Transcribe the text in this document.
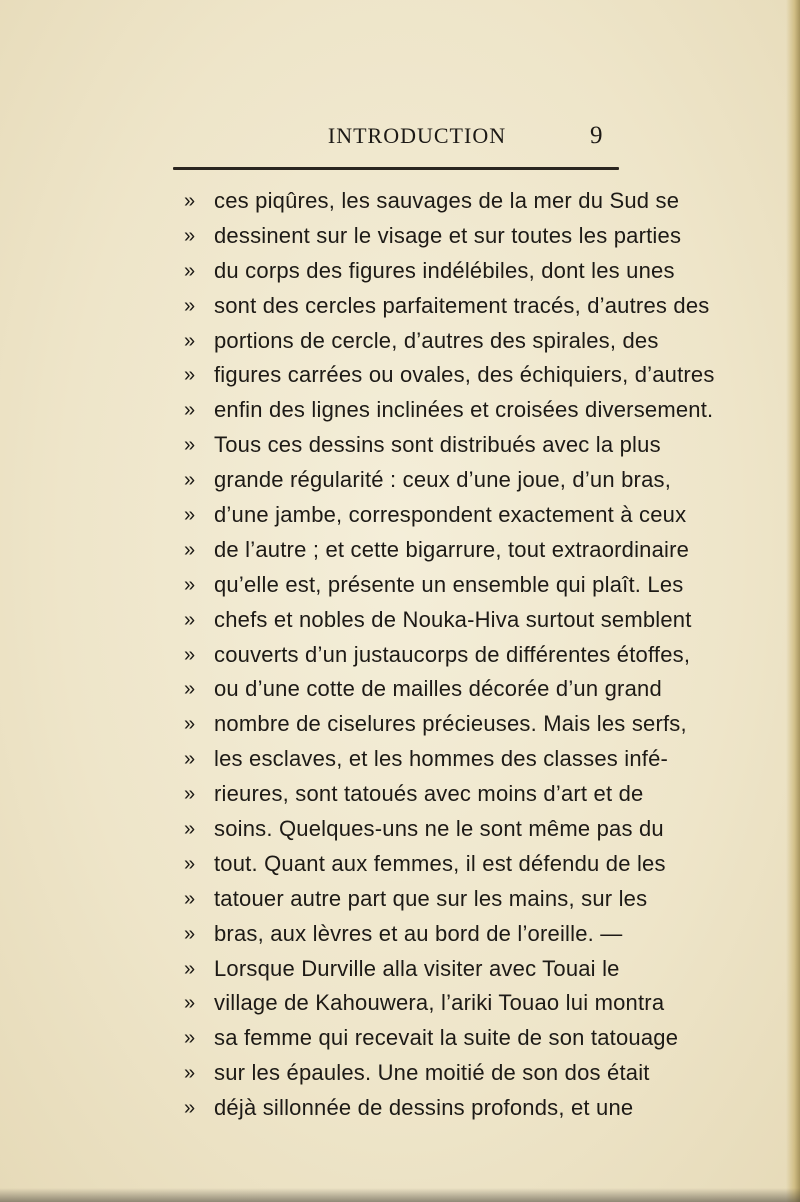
INTRODUCTION	9
» ces piqûres, les sauvages de la mer du Sud se
» dessinent sur le visage et sur toutes les parties
» du corps des figures indélébiles, dont les unes
» sont des cercles parfaitement tracés, d’autres des
» portions de cercle, d’autres des spirales, des
» figures carrées ou ovales, des échiquiers, d’autres
» enfin des lignes inclinées et croisées diversement.
» Tous ces dessins sont distribués avec la plus
» grande régularité : ceux d’une joue, d’un bras,
» d’une jambe, correspondent exactement à ceux
» de l’autre ; et cette bigarrure, tout extraordinaire
» qu’elle est, présente un ensemble qui plaît. Les
» chefs et nobles de Nouka-Hiva surtout semblent
» couverts d’un justaucorps de différentes étoffes,
» ou d’une cotte de mailles décorée d’un grand
» nombre de ciselures précieuses. Mais les serfs,
» les esclaves, et les hommes des classes infé-
» rieures, sont tatoués avec moins d’art et de
» soins. Quelques-uns ne le sont même pas du
» tout. Quant aux femmes, il est défendu de les
» tatouer autre part que sur les mains, sur les
» bras, aux lèvres et au bord de l’oreille. —
» Lorsque Durville alla visiter avec Touai le
» village de Kahouwera, l’ariki Touao lui montra
» sa femme qui recevait la suite de son tatouage
» sur les épaules. Une moitié de son dos était
» déjà sillonnée de dessins profonds, et une
